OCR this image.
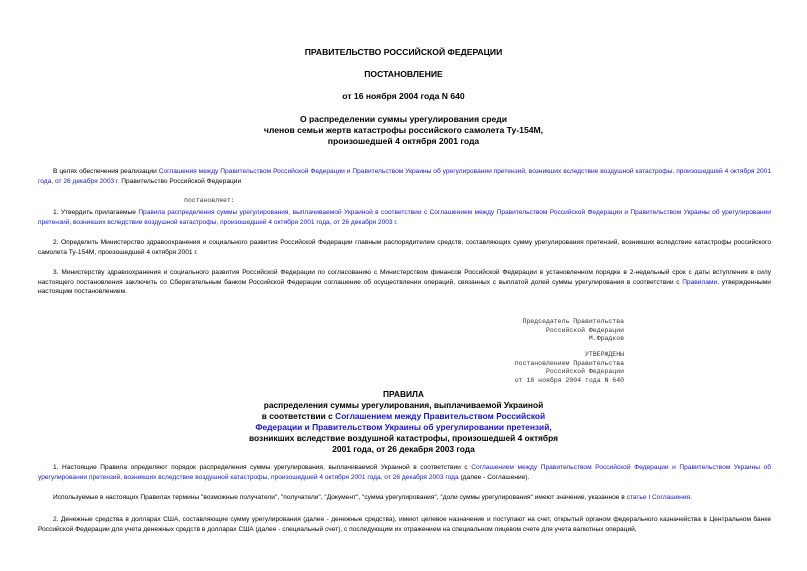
ПРАВИТЕЛЬСТВО РОССИЙСКОЙ ФЕДЕРАЦИИ
ПОСТАНОВЛЕНИЕ
от 16 ноября 2004 года N 640
О распределении суммы урегулирования среди
членов семьи жертв катастрофы российского самолета Ту-154М,
произошедшей 4 октября 2001 года
В целях обеспечения реализации Соглашения между Правительством Российской Федерации и Правительством Украины об урегулировании претензий, возникших вследствие воздушной катастрофы, произошедшей 4 октября 2001 года, от 26 декабря 2003 г. Правительство Российской Федерации
постановляет:
1. Утвердить прилагаемые Правила распределения суммы урегулирования, выплачиваемой Украиной в соответствии с Соглашением между Правительством Российской Федерации и Правительством Украины об урегулировании претензий, возникших вследствие воздушной катастрофы, произошедшей 4 октября 2001 года, от 26 декабря 2003 г.
2. Определить Министерство здравоохранения и социального развития Российской Федерации главным распорядителем средств, составляющих сумму урегулирования претензий, возникших вследствие катастрофы российского самолета Ту-154М, произошедшей 4 октября 2001 г.
3. Министерству здравоохранения и социального развития Российской Федерации по согласованию с Министерством финансов Российской Федерации в установленном порядке в 2-недельный срок с даты вступления в силу настоящего постановления заключить со Сберегательным банком Российской Федерации соглашение об осуществлении операций, связанных с выплатой долей суммы урегулирования в соответствии с Правилами, утвержденными настоящим постановлением.
Председатель Правительства
Российской Федерации
М.Фрадков
УТВЕРЖДЕНЫ
постановлением Правительства
Российской Федерации
от 16 ноября 2004 года N 640
ПРАВИЛА
распределения суммы урегулирования, выплачиваемой Украиной
в соответствии с Соглашением между Правительством Российской
Федерации и Правительством Украины об урегулировании претензий,
возникших вследствие воздушной катастрофы, произошедшей 4 октября
2001 года, от 26 декабря 2003 года
1. Настоящие Правила определяют порядок распределения суммы урегулирования, выплачиваемой Украиной в соответствии с Соглашением между Правительством Российской Федерации и Правительством Украины об урегулировании претензий, возникших вследствие воздушной катастрофы, произошедшей 4 октября 2001 года, от 26 декабря 2003 года (далее - Соглашение).
Используемые в настоящих Правилах термины "возможные получатели", "получатели", "Документ", "сумма урегулирования", "доли суммы урегулирования" имеют значение, указанное в статье I Соглашения.
2. Денежные средства в долларах США, составляющие сумму урегулирования (далее - денежные средства), имеют целевое назначение и поступают на счет, открытый органом федерального казначейства в Центральном банке Российской Федерации для учета денежных средств в долларах США (далее - специальный счет), с последующим их отражением на специальном лицевом счете для учета валютных операций,
